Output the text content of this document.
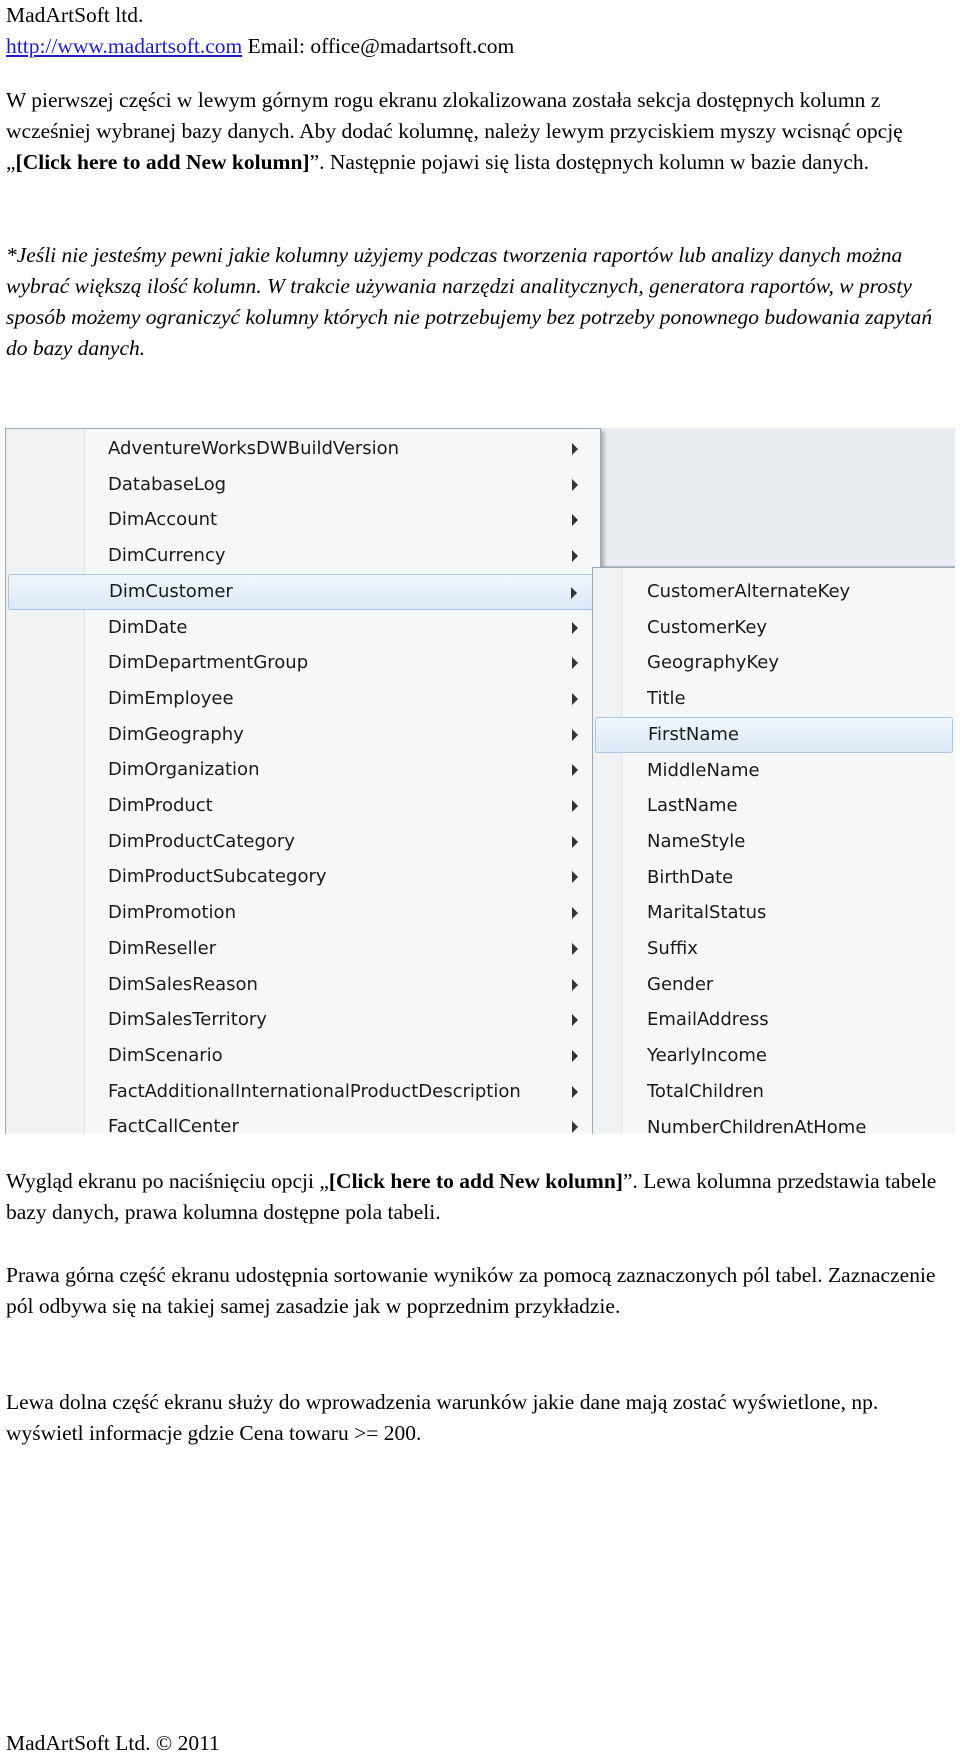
MadArtSoft ltd.
http://www.madartsoft.com Email: office@madartsoft.com

W pierwszej części w lewym górnym rogu ekranu zlokalizowana została sekcja dostępnych kolumn z wcześniej wybranej bazy danych. Aby dodać kolumnę, należy lewym przyciskiem myszy wcisnąć opcję „[Click here to add New kolumn]”. Następnie pojawi się lista dostępnych kolumn w bazie danych.

*Jeśli nie jesteśmy pewni jakie kolumny użyjemy podczas tworzenia raportów lub analizy danych można wybrać większą ilość kolumn. W trakcie używania narzędzi analitycznych, generatora raportów, w prosty sposób możemy ograniczyć kolumny których nie potrzebujemy bez potrzeby ponownego budowania zapytań do bazy danych.

AdventureWorksDWBuildVersion
DatabaseLog
DimAccount
DimCurrency
DimCustomer
DimDate
DimDepartmentGroup
DimEmployee
DimGeography
DimOrganization
DimProduct
DimProductCategory
DimProductSubcategory
DimPromotion
DimReseller
DimSalesReason
DimSalesTerritory
DimScenario
FactAdditionalInternationalProductDescription
FactCallCenter
CustomerAlternateKey
CustomerKey
GeographyKey
Title
FirstName
MiddleName
LastName
NameStyle
BirthDate
MaritalStatus
Suffix
Gender
EmailAddress
YearlyIncome
TotalChildren
NumberChildrenAtHome

Wygląd ekranu po naciśnięciu opcji „[Click here to add New kolumn]”. Lewa kolumna przedstawia tabele bazy danych, prawa kolumna dostępne pola tabeli.

Prawa górna część ekranu udostępnia sortowanie wyników za pomocą zaznaczonych pól tabel. Zaznaczenie pól odbywa się na takiej samej zasadzie jak w poprzednim przykładzie.

Lewa dolna część ekranu służy do wprowadzenia warunków jakie dane mają zostać wyświetlone, np. wyświetl informacje gdzie Cena towaru >= 200.

MadArtSoft Ltd. © 2011
